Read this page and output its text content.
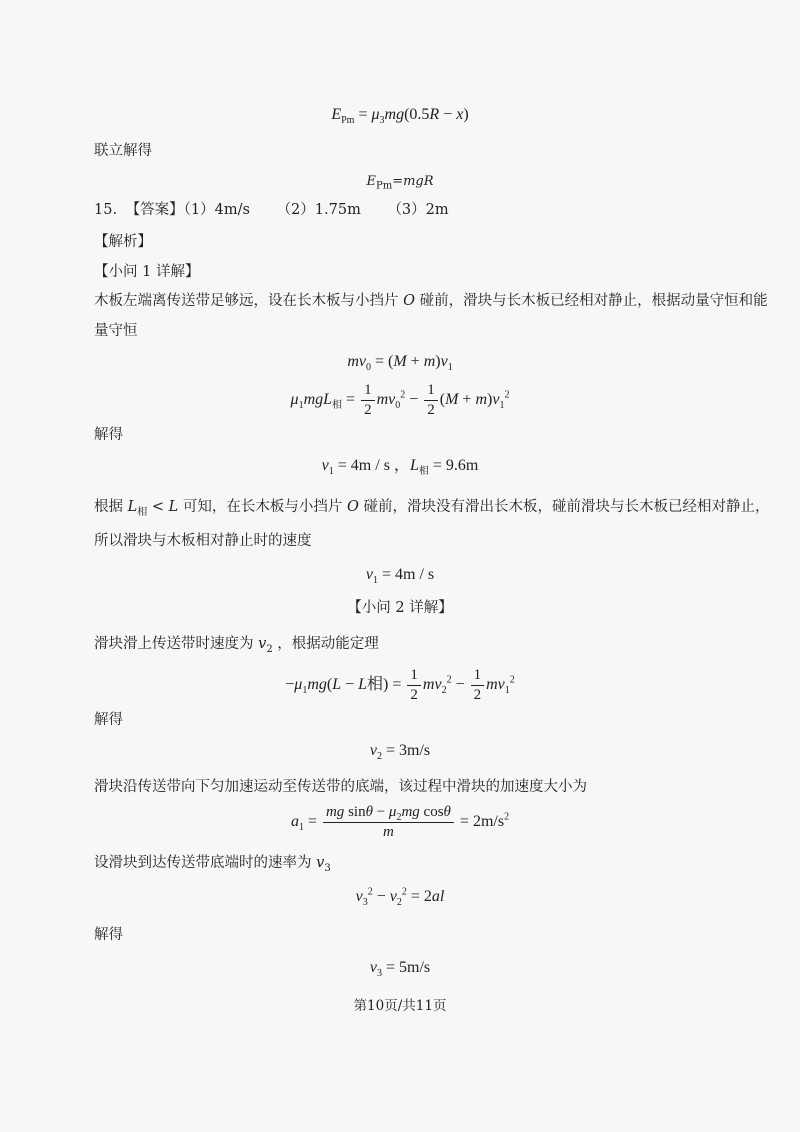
$E_{Pm} = \mu_3mg(0.5R - x)$
联立解得
$E_{Pm}=mgR$
15. 【答案】（1）4m/s （2）1.75m （3）2m
【解析】
【小问 1 详解】
木板左端离传送带足够远，设在长木板与小挡片 O 碰前，滑块与长木板已经相对静止，根据动量守恒和能
量守恒
$mv_0 = (M + m)v_1$
$\mu_1mgL_相 = \frac{1}{2} mv_0^2 - \frac{1}{2} (M + m)v_1^2$
解得
$v_1 = 4m / s$ ，$L_相 = 9.6m$
根据 $L_相 < L$ 可知，在长木板与小挡片 O 碰前，滑块没有滑出长木板，碰前滑块与长木板已经相对静止，
所以滑块与木板相对静止时的速度
$v_1 = 4m / s$
【小问 2 详解】
滑块滑上传送带时速度为 $v_2$ ，根据动能定理
$-\mu_1mg(L - L$相) = $\frac{1}{2} mv_2^2 - \frac{1}{2} mv_1^2$
解得
$v_2 = 3m/s$
滑块沿传送带向下匀加速运动至传送带的底端，该过程中滑块的加速度大小为
$a_1 = \frac{mg \sin\theta - \mu_2mg \cos\theta}{m} = 2m/s^2$
设滑块到达传送带底端时的速率为 $v_3$
$v_3^2 - v_2^2 = 2al$
解得
$v_3 = 5m/s$
第10页/共11页
